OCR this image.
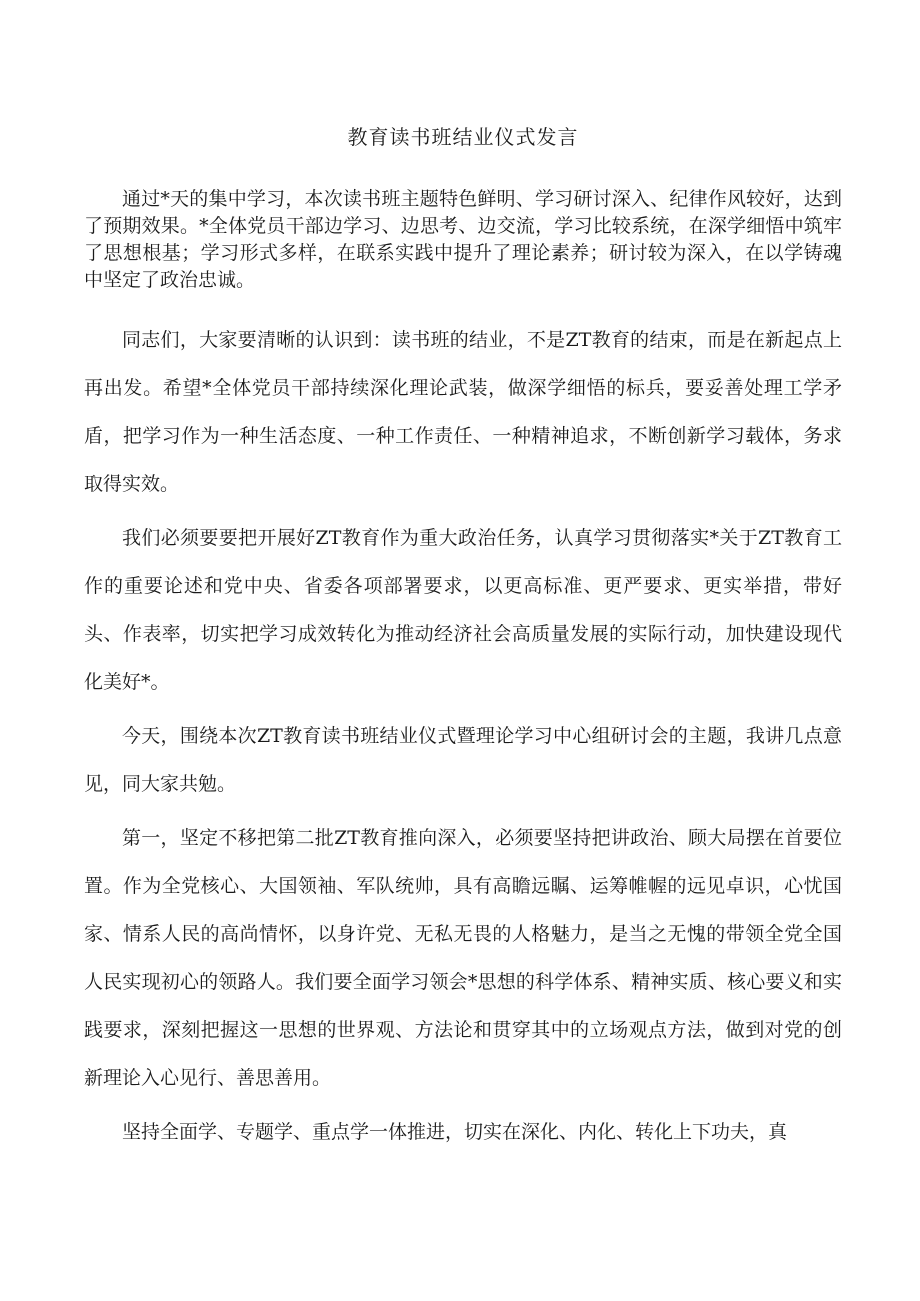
教育读书班结业仪式发言

通过*天的集中学习，本次读书班主题特色鲜明、学习研讨深入、纪律作风较好，达到了预期效果。*全体党员干部边学习、边思考、边交流，学习比较系统，在深学细悟中筑牢了思想根基；学习形式多样，在联系实践中提升了理论素养；研讨较为深入，在以学铸魂中坚定了政治忠诚。

同志们，大家要清晰的认识到：读书班的结业，不是ZT教育的结束，而是在新起点上再出发。希望*全体党员干部持续深化理论武装，做深学细悟的标兵，要妥善处理工学矛盾，把学习作为一种生活态度、一种工作责任、一种精神追求，不断创新学习载体，务求取得实效。

我们必须要要把开展好ZT教育作为重大政治任务，认真学习贯彻落实*关于ZT教育工作的重要论述和党中央、省委各项部署要求，以更高标准、更严要求、更实举措，带好头、作表率，切实把学习成效转化为推动经济社会高质量发展的实际行动，加快建设现代化美好*。

今天，围绕本次ZT教育读书班结业仪式暨理论学习中心组研讨会的主题，我讲几点意见，同大家共勉。

第一，坚定不移把第二批ZT教育推向深入，必须要坚持把讲政治、顾大局摆在首要位置。作为全党核心、大国领袖、军队统帅，具有高瞻远瞩、运筹帷幄的远见卓识，心忧国家、情系人民的高尚情怀，以身许党、无私无畏的人格魅力，是当之无愧的带领全党全国人民实现初心的领路人。我们要全面学习领会*思想的科学体系、精神实质、核心要义和实践要求，深刻把握这一思想的世界观、方法论和贯穿其中的立场观点方法，做到对党的创新理论入心见行、善思善用。

坚持全面学、专题学、重点学一体推进，切实在深化、内化、转化上下功夫，真
